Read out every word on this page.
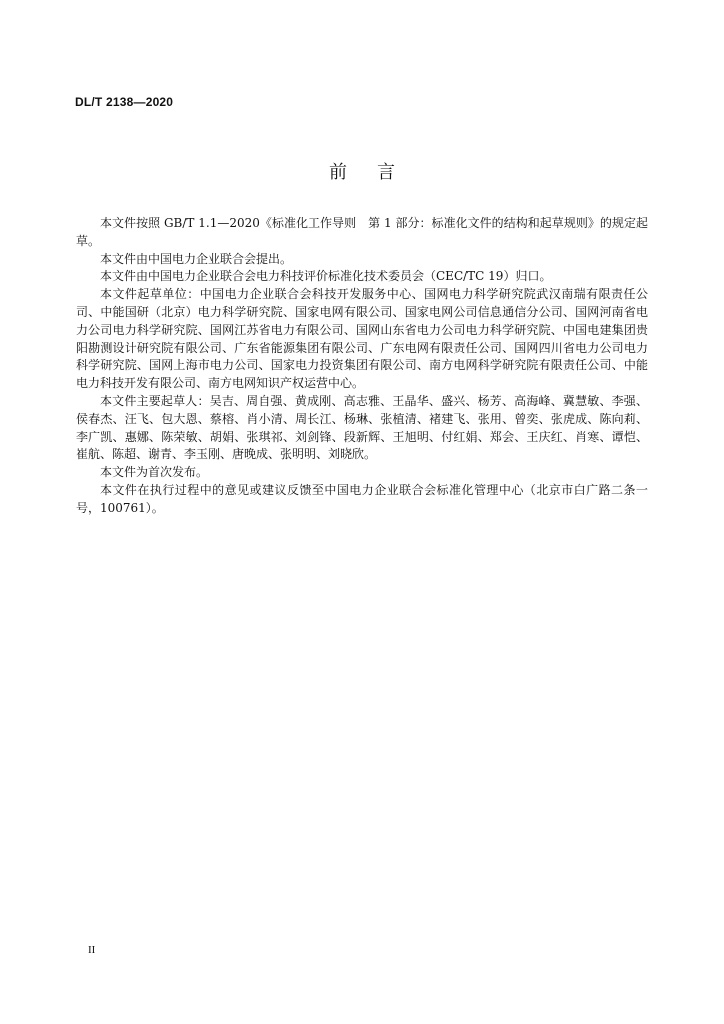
DL/T 2138—2020
前 言

本文件按照 GB/T 1.1—2020《标准化工作导则　第 1 部分：标准化文件的结构和起草规则》的规定起草。

本文件由中国电力企业联合会提出。

本文件由中国电力企业联合会电力科技评价标准化技术委员会（CEC/TC 19）归口。

本文件起草单位：中国电力企业联合会科技开发服务中心、国网电力科学研究院武汉南瑞有限责任公司、中能国研（北京）电力科学研究院、国家电网有限公司、国家电网公司信息通信分公司、国网河南省电力公司电力科学研究院、国网江苏省电力有限公司、国网山东省电力公司电力科学研究院、中国电建集团贵阳勘测设计研究院有限公司、广东省能源集团有限公司、广东电网有限责任公司、国网四川省电力公司电力科学研究院、国网上海市电力公司、国家电力投资集团有限公司、南方电网科学研究院有限责任公司、中能电力科技开发有限公司、南方电网知识产权运营中心。

本文件主要起草人：吴吉、周自强、黄成刚、高志雅、王晶华、盛兴、杨芳、高海峰、冀慧敏、李强、侯春杰、汪飞、包大恩、蔡榕、肖小清、周长江、杨琳、张植清、褚建飞、张用、曾奕、张虎成、陈向莉、李广凯、惠娜、陈荣敏、胡娟、张琪祁、刘剑锋、段新辉、王旭明、付红娟、郑会、王庆红、肖寒、谭恺、崔航、陈超、谢青、李玉刚、唐晚成、张明明、刘晓欣。

本文件为首次发布。

本文件在执行过程中的意见或建议反馈至中国电力企业联合会标准化管理中心（北京市白广路二条一号，100761）。

II
